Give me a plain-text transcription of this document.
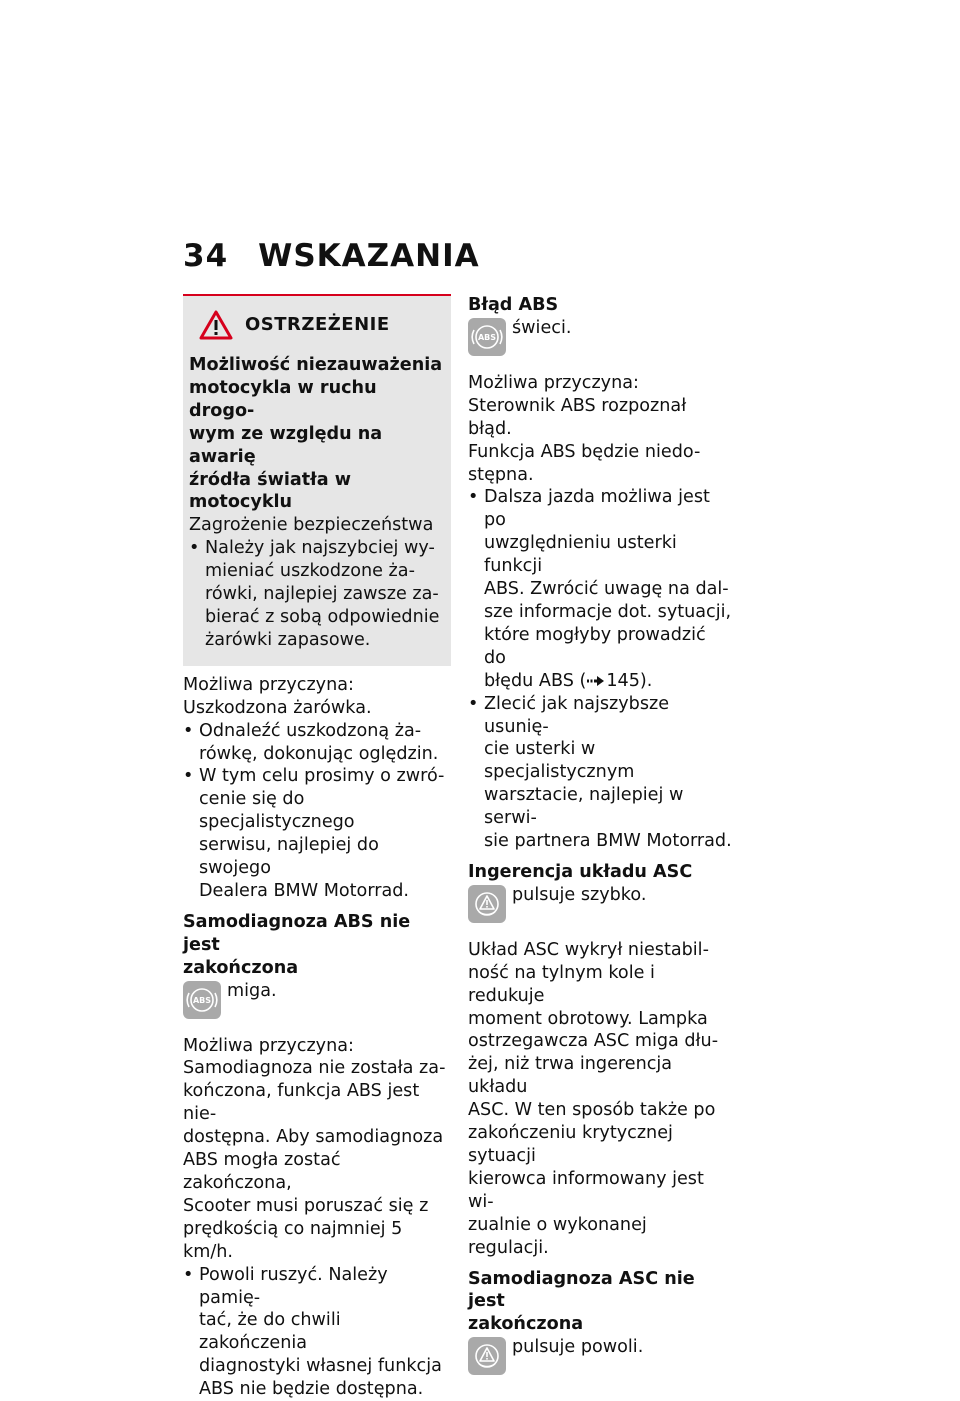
34 WSKAZANIA
OSTRZEŻENIE

Możliwość niezauważenia

motocykla w ruchu drogo-

wym ze względu na awarię

źródła światła w motocyklu

Zagrożenie bezpieczeństwa

• Należy jak najszybciej wy-
mieniać uszkodzone ża-
rówki, najlepiej zawsze za-
bierać z sobą odpowiednie
żarówki zapasowe.

Możliwa przyczyna:

Uszkodzona żarówka.

• Odnaleźć uszkodzoną ża-
rówkę, dokonując oględzin.
• W tym celu prosimy o zwró-
cenie się do specjalistycznego
serwisu, najlepiej do swojego
Dealera BMW Motorrad.

Samodiagnoza ABS nie jest

zakończona

ABS miga.

Możliwa przyczyna:

Samodiagnoza nie została za-

kończona, funkcja ABS jest nie-

dostępna. Aby samodiagnoza

ABS mogła zostać zakończona,

Scooter musi poruszać się z

prędkością co najmniej 5 km/h.

• Powoli ruszyć. Należy pamię-
tać, że do chwili zakończenia
diagnostyki własnej funkcja
ABS nie będzie dostępna.

Błąd ABS

ABS świeci.

Możliwa przyczyna:

Sterownik ABS rozpoznał błąd.

Funkcja ABS będzie niedo-

stępna.

• Dalsza jazda możliwa jest po
uwzględnieniu usterki funkcji
ABS. Zwrócić uwagę na dal-
sze informacje dot. sytuacji,
które mogłyby prowadzić do
błędu ABS ( 145).
• Zlecić jak najszybsze usunię-
cie usterki w specjalistycznym
warsztacie, najlepiej w serwi-
sie partnera BMW Motorrad.

Ingerencja układu ASC

pulsuje szybko.

Układ ASC wykrył niestabil-

ność na tylnym kole i redukuje

moment obrotowy. Lampka

ostrzegawcza ASC miga dłu-

żej, niż trwa ingerencja układu

ASC. W ten sposób także po

zakończeniu krytycznej sytuacji

kierowca informowany jest wi-

zualnie o wykonanej regulacji.

Samodiagnoza ASC nie jest

zakończona

pulsuje powoli.
